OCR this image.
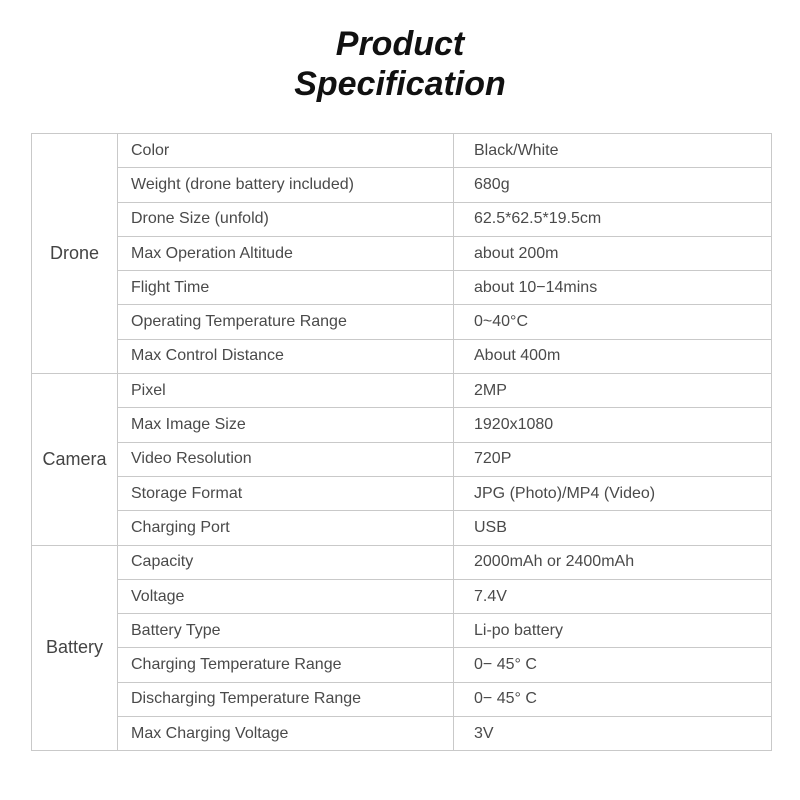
Product
Specification
Drone	Color	Black/White
	Weight (drone battery included)	680g
	Drone Size (unfold)	62.5*62.5*19.5cm
	Max Operation Altitude	about 200m
	Flight Time	about 10−14mins
	Operating Temperature Range	0~40°C
	Max Control Distance	About 400m
Camera	Pixel	2MP
	Max Image Size	1920x1080
	Video Resolution	720P
	Storage Format	JPG (Photo)/MP4 (Video)
	Charging Port	USB
Battery	Capacity	2000mAh or 2400mAh
	Voltage	7.4V
	Battery Type	Li-po battery
	Charging Temperature Range	0− 45° C
	Discharging Temperature Range	0− 45° C
	Max Charging Voltage	3V
